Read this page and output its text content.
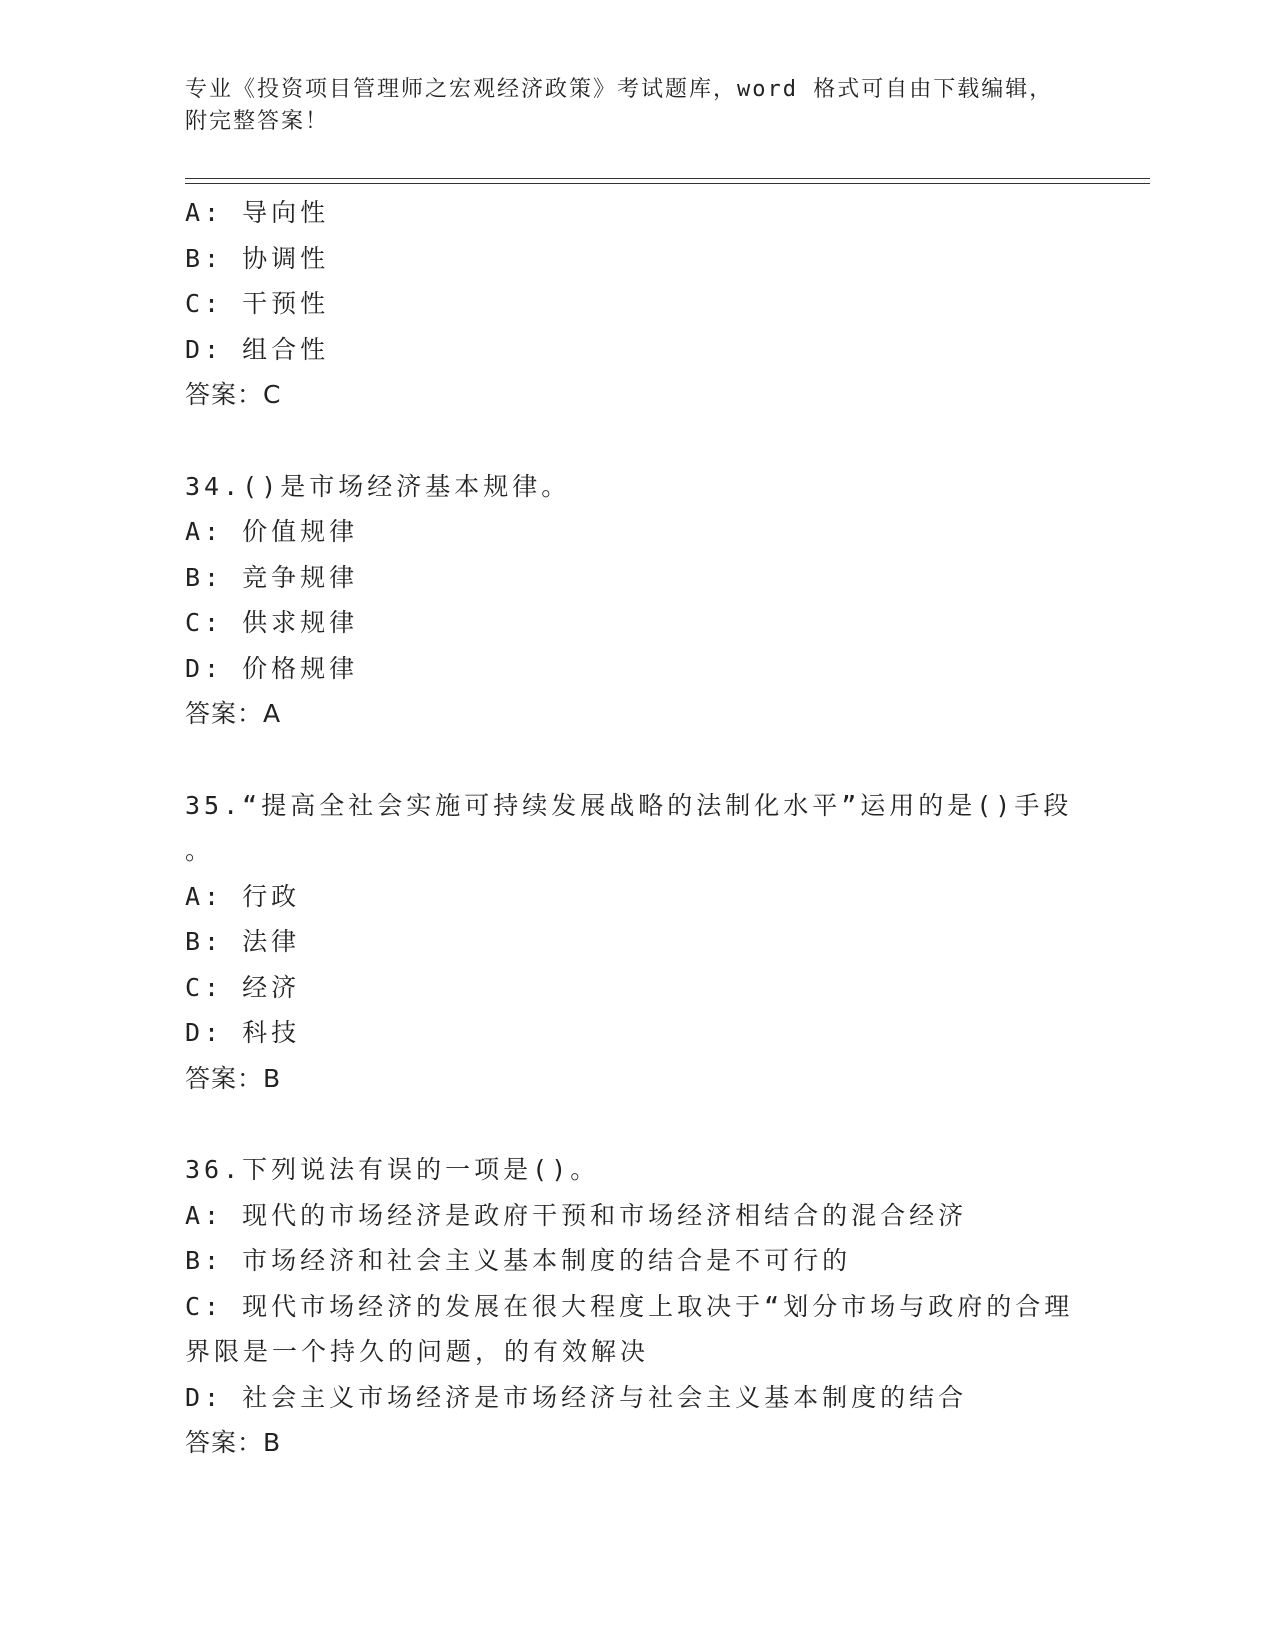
专业《投资项目管理师之宏观经济政策》考试题库，word 格式可自由下载编辑，
附完整答案！
A: 导向性
B: 协调性
C: 干预性
D: 组合性
答案：C
34.()是市场经济基本规律。
A: 价值规律
B: 竞争规律
C: 供求规律
D: 价格规律
答案：A
35.“提高全社会实施可持续发展战略的法制化水平”运用的是()手段
。
A: 行政
B: 法律
C: 经济
D: 科技
答案：B
36.下列说法有误的一项是()。
A: 现代的市场经济是政府干预和市场经济相结合的混合经济
B: 市场经济和社会主义基本制度的结合是不可行的
C: 现代市场经济的发展在很大程度上取决于“划分市场与政府的合理
界限是一个持久的问题，的有效解决
D: 社会主义市场经济是市场经济与社会主义基本制度的结合
答案：B
